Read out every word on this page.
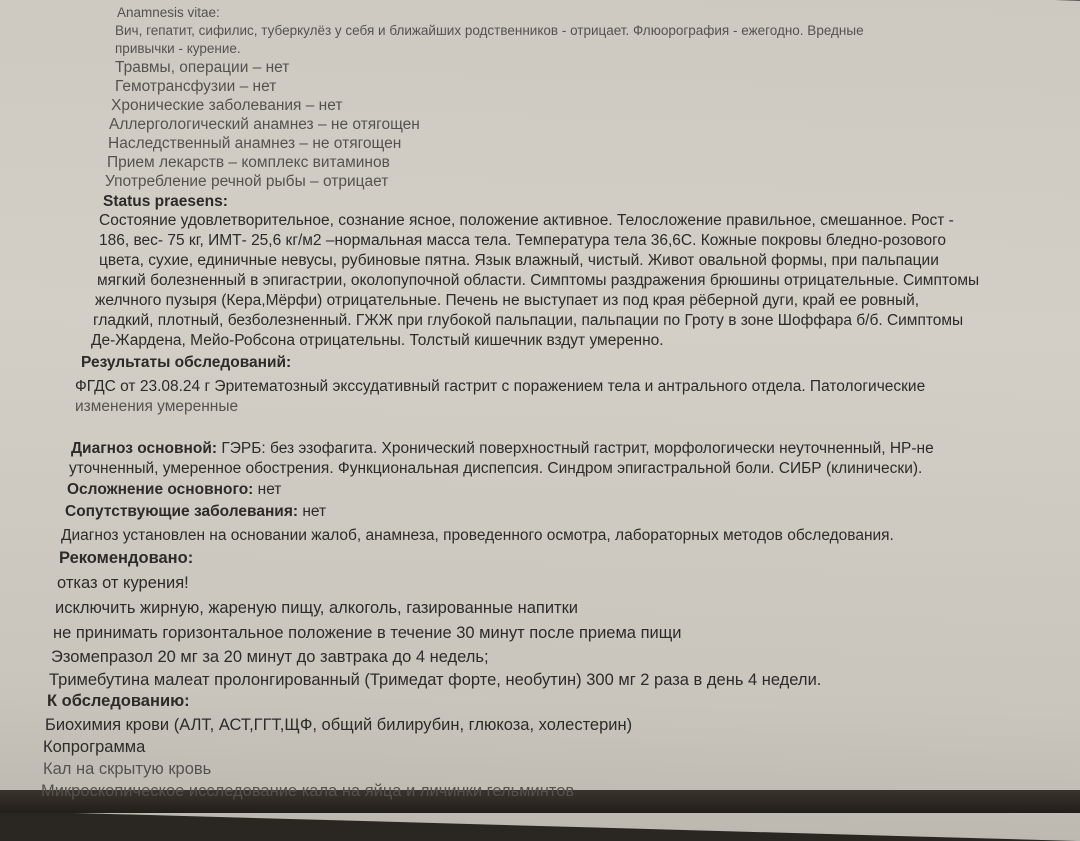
Anamnesis vitae:
Вич, гепатит, сифилис, туберкулёз у себя и ближайших родственников - отрицает. Флюорография - ежегодно. Вредные
привычки - курение.
Травмы, операции – нет
Гемотрансфузии – нет
Хронические заболевания – нет
Аллергологический анамнез – не отягощен
Наследственный анамнез – не отягощен
Прием лекарств – комплекс витаминов
Употребление речной рыбы – отрицает
Status praesens:
Состояние удовлетворительное, сознание ясное, положение активное. Телосложение правильное, смешанное. Рост -
186, вес- 75 кг, ИМТ- 25,6 кг/м2 –нормальная масса тела. Температура тела 36,6С. Кожные покровы бледно-розового
цвета, сухие, единичные невусы, рубиновые пятна. Язык влажный, чистый. Живот овальной формы, при пальпации
мягкий болезненный в эпигастрии, околопупочной области. Симптомы раздражения брюшины отрицательные. Симптомы
желчного пузыря (Кера,Мёрфи) отрицательные. Печень не выступает из под края рёберной дуги, край ее ровный,
гладкий, плотный, безболезненный. ГЖЖ при глубокой пальпации, пальпации по Гроту в зоне Шоффара б/б. Симптомы
Де-Жардена, Мейо-Робсона отрицательны. Толстый кишечник вздут умеренно.
Результаты обследований:
ФГДС от 23.08.24 г Эритематозный экссудативный гастрит с поражением тела и антрального отдела. Патологические
изменения умеренные
Диагноз основной: ГЭРБ: без эзофагита. Хронический поверхностный гастрит, морфологически неуточненный, НР-не
уточненный, умеренное обострения. Функциональная диспепсия. Синдром эпигастральной боли. СИБР (клинически).
Осложнение основного: нет
Сопутствующие заболевания: нет
Диагноз установлен на основании жалоб, анамнеза, проведенного осмотра, лабораторных методов обследования.
Рекомендовано:
отказ от курения!
исключить жирную, жареную пищу, алкоголь, газированные напитки
не принимать горизонтальное положение в течение 30 минут после приема пищи
Эзомепразол 20 мг за 20 минут до завтрака до 4 недель;
Тримебутина малеат пролонгированный (Тримедат форте, необутин) 300 мг 2 раза в день 4 недели.
К обследованию:
Биохимия крови (АЛТ, АСТ,ГГТ,ЩФ, общий билирубин, глюкоза, холестерин)
Копрограмма
Кал на скрытую кровь
Микроскопическое исследование кала на яйца и личинки гельминтов
